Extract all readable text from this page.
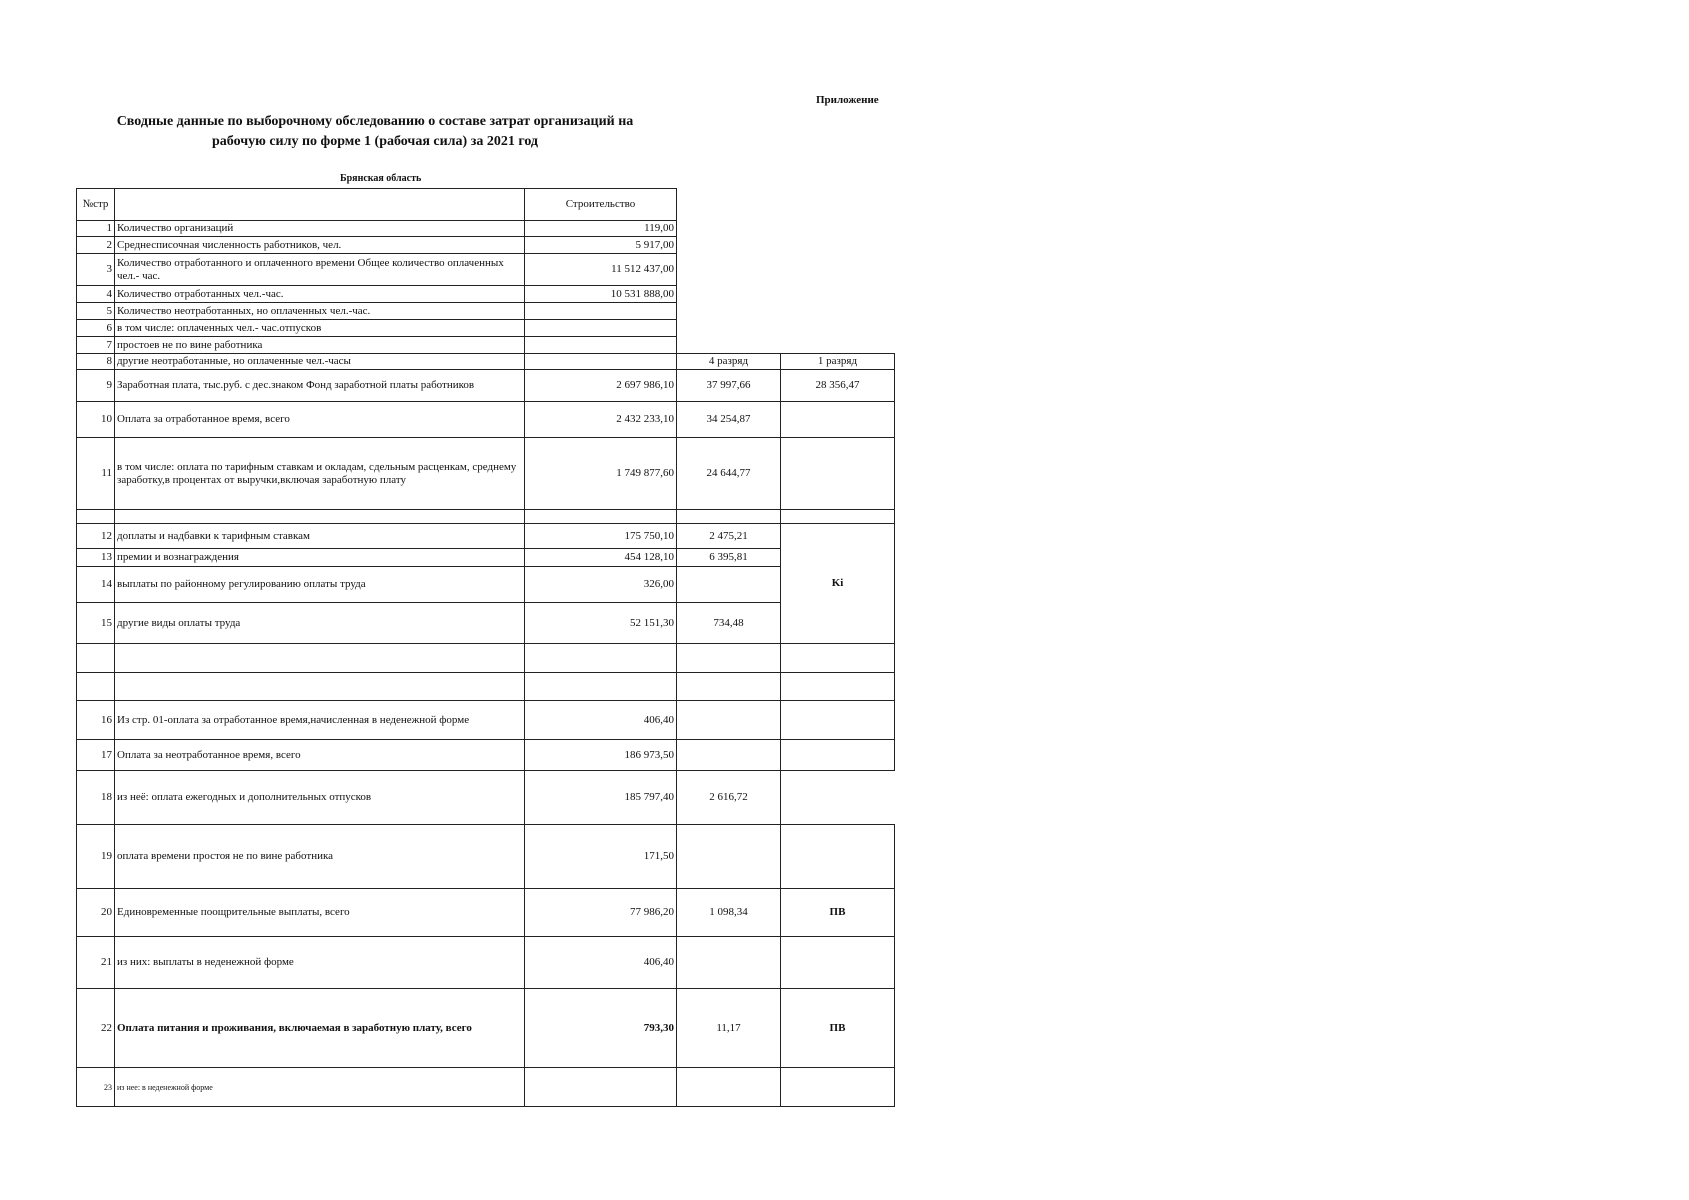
Приложение
Сводные данные по выборочному обследованию о составе затрат организаций на
рабочую силу по форме 1 (рабочая сила) за 2021 год
Брянская область
№стр		Строительство		
1	Количество организаций	119,00		
2	Среднесписочная численность работников, чел.	5 917,00		
3	Количество отработанного и оплаченного времени Общее количество оплаченных чел.- час.	11 512 437,00		
4	Количество отработанных чел.-час.	10 531 888,00		
5	Количество неотработанных, но оплаченных чел.-час.			
6	в том числе: оплаченных чел.- час.отпусков			
7	простоев не по вине работника			
8	другие неотработанные, но оплаченные чел.-часы		4 разряд	1 разряд
9	Заработная плата, тыс.руб. с дес.знаком Фонд заработной платы работников	2 697 986,10	37 997,66	28 356,47
10	Оплата за отработанное время, всего	2 432 233,10	34 254,87	
11	в том числе: оплата по тарифным ставкам и окладам, сдельным расценкам, среднему заработку,в процентах от выручки,включая заработную плату	1 749 877,60	24 644,77	

12	доплаты и надбавки к тарифным ставкам	175 750,10	2 475,21	Ki
13	премии и вознаграждения	454 128,10	6 395,81	
14	выплаты по районному регулированию оплаты труда	326,00		
15	другие виды оплаты труда	52 151,30	734,48	

16	Из стр. 01-оплата за отработанное время,начисленная в неденежной форме	406,40		
17	Оплата за неотработанное время, всего	186 973,50		
18	из неё: оплата ежегодных и дополнительных отпусков	185 797,40	2 616,72	
19	оплата времени простоя не по вине работника	171,50		
20	Единовременные поощрительные выплаты, всего	77 986,20	1 098,34	ПВ
21	из них: выплаты в неденежной форме	406,40		
22	Оплата питания и проживания, включаемая в заработную плату, всего	793,30	11,17	ПВ
23	из нее: в неденежной форме			
